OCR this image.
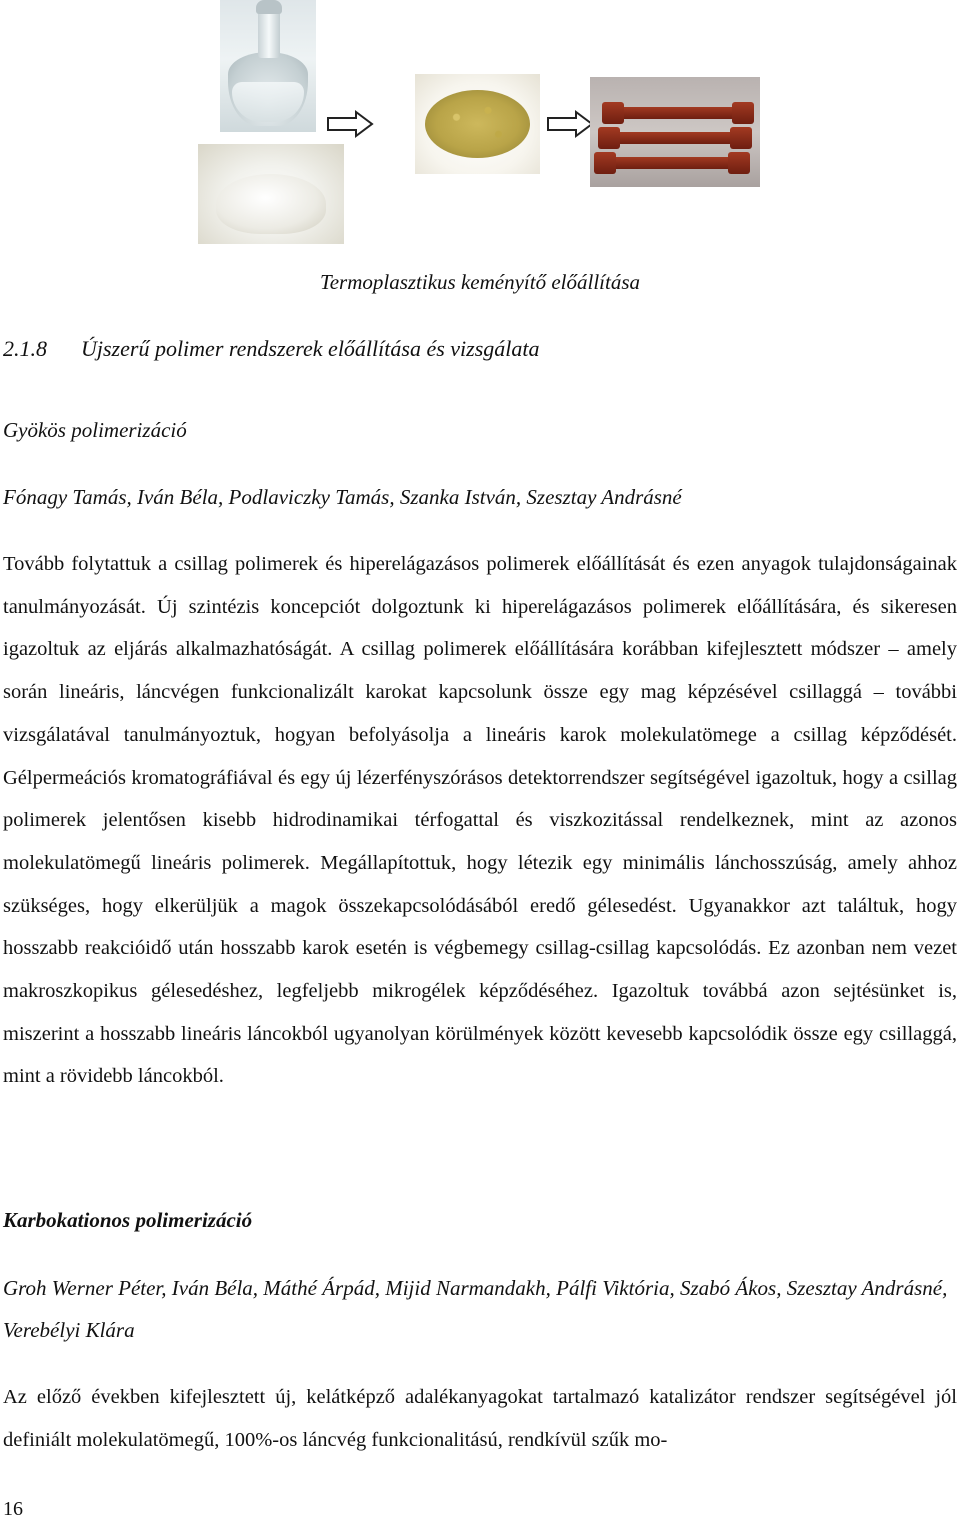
Termoplasztikus keményítő előállítása
2.1.8 Újszerű polimer rendszerek előállítása és vizsgálata
Gyökös polimerizáció
Fónagy Tamás, Iván Béla, Podlaviczky Tamás, Szanka István, Szesztay Andrásné

Tovább folytattuk a csillag polimerek és hiperelágazásos polimerek előállítását és ezen anyagok tulajdonságainak tanulmányozását. Új szintézis koncepciót dolgoztunk ki hiperelágazásos polimerek előállítására, és sikeresen igazoltuk az eljárás alkalmazhatóságát. A csillag polimerek előállítására korábban kifejlesztett módszer – amely során lineáris, láncvégen funkcionalizált karokat kapcsolunk össze egy mag képzésével csillaggá – további vizsgálatával tanulmányoztuk, hogyan befolyásolja a lineáris karok molekulatömege a csillag képződését. Gélpermeációs kromatográfiával és egy új lézerfényszórásos detektorrendszer segítségével igazoltuk, hogy a csillag polimerek jelentősen kisebb hidrodinamikai térfogattal és viszkozitással rendelkeznek, mint az azonos molekulatömegű lineáris polimerek. Megállapítottuk, hogy létezik egy minimális lánchosszúság, amely ahhoz szükséges, hogy elkerüljük a magok összekapcsolódásából eredő gélesedést. Ugyanakkor azt találtuk, hogy hosszabb reakcióidő után hosszabb karok esetén is végbemegy csillag-csillag kapcsolódás. Ez azonban nem vezet makroszkopikus gélesedéshez, legfeljebb mikrogélek képződéséhez. Igazoltuk továbbá azon sejtésünket is, miszerint a hosszabb lineáris láncokból ugyanolyan körülmények között kevesebb kapcsolódik össze egy csillaggá, mint a rövidebb láncokból.

Karbokationos polimerizáció
Groh Werner Péter, Iván Béla, Máthé Árpád, Mijid Narmandakh, Pálfi Viktória, Szabó Ákos, Szesztay Andrásné, Verebélyi Klára

Az előző években kifejlesztett új, kelátképző adalékanyagokat tartalmazó katalizátor rendszer segítségével jól definiált molekulatömegű, 100%-os láncvég funkcionalitású, rendkívül szűk mo-

16
